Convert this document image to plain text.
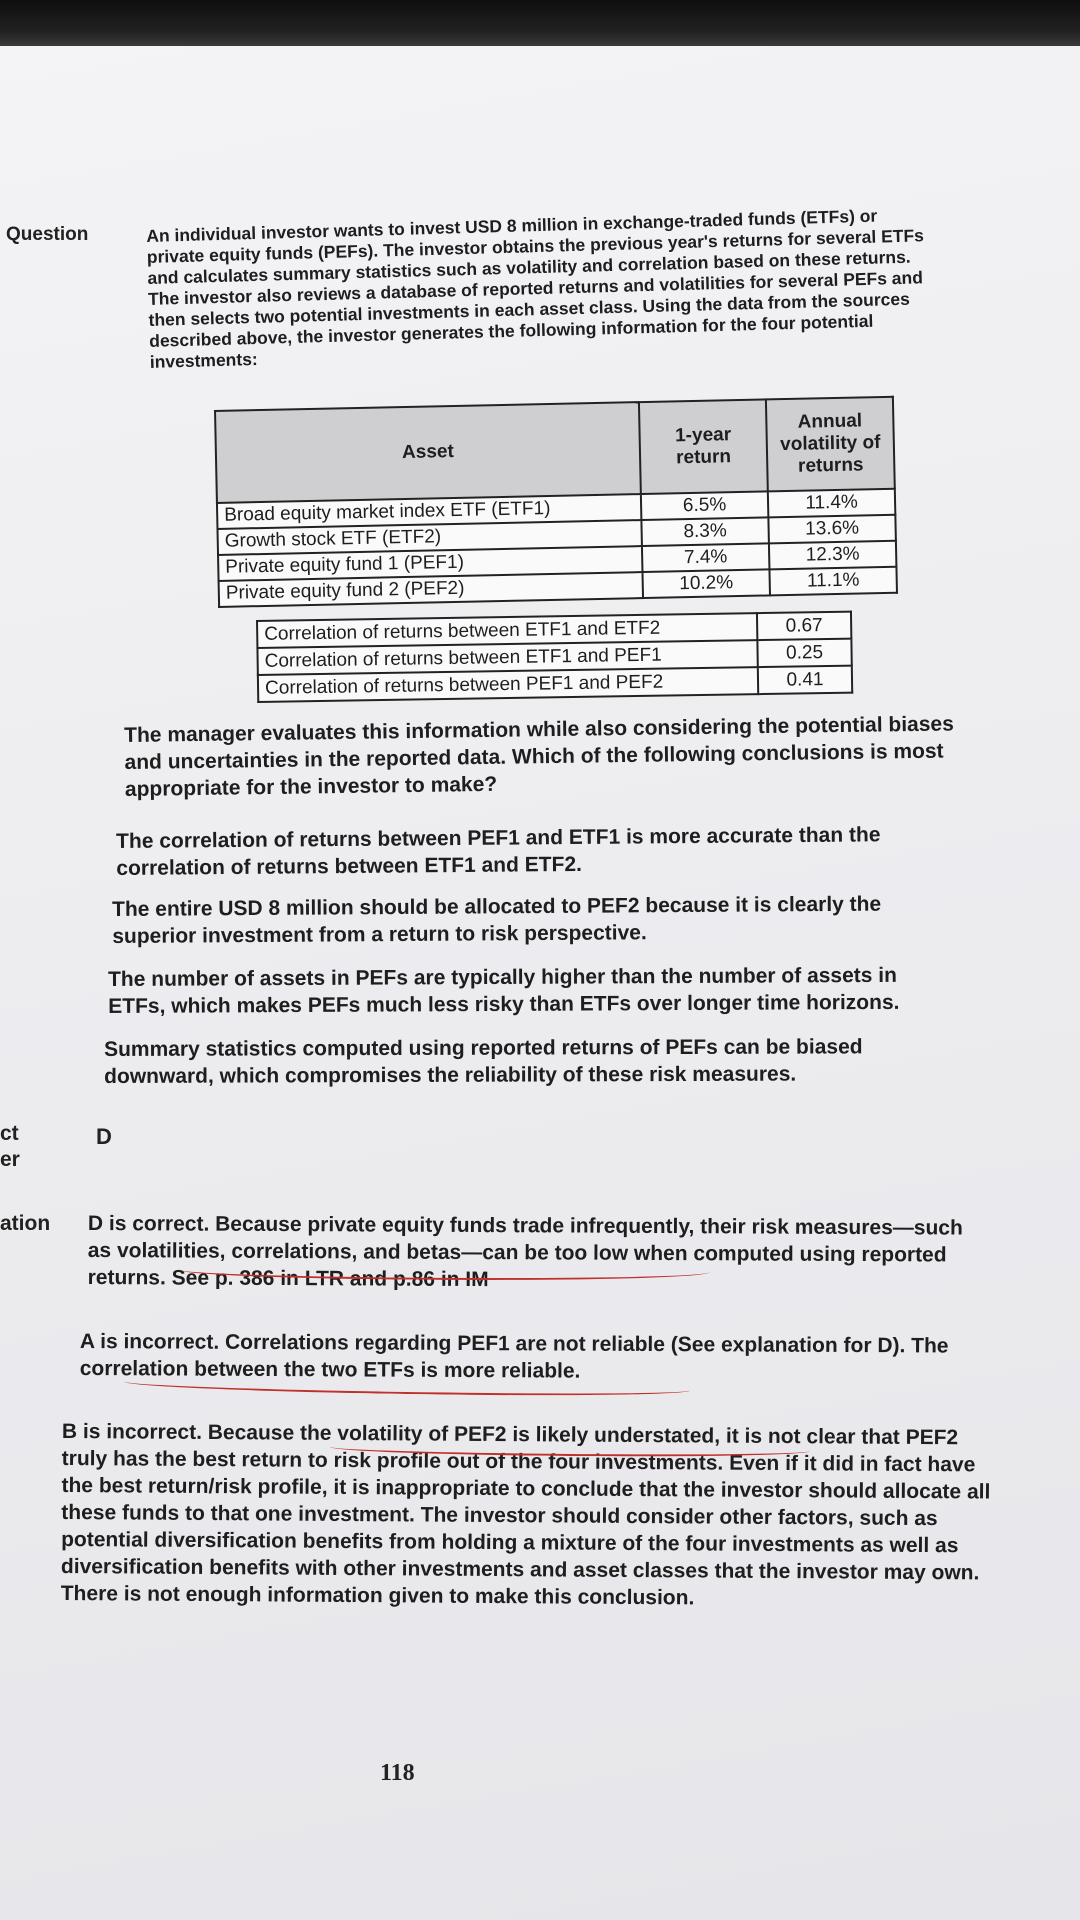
Question	An individual investor wants to invest USD 8 million in exchange-traded funds (ETFs) or private equity funds (PEFs). The investor obtains the previous year's returns for several ETFs and calculates summary statistics such as volatility and correlation based on these returns. The investor also reviews a database of reported returns and volatilities for several PEFs and then selects two potential investments in each asset class. Using the data from the sources described above, the investor generates the following information for the four potential investments:
Asset	1-year return	Annual volatility of returns
Broad equity market index ETF (ETF1)	6.5%	11.4%
Growth stock ETF (ETF2)	8.3%	13.6%
Private equity fund 1 (PEF1)	7.4%	12.3%
Private equity fund 2 (PEF2)	10.2%	11.1%
Correlation of returns between ETF1 and ETF2	0.67
Correlation of returns between ETF1 and PEF1	0.25
Correlation of returns between PEF1 and PEF2	0.41
The manager evaluates this information while also considering the potential biases and uncertainties in the reported data. Which of the following conclusions is most appropriate for the investor to make?
The correlation of returns between PEF1 and ETF1 is more accurate than the correlation of returns between ETF1 and ETF2.
The entire USD 8 million should be allocated to PEF2 because it is clearly the superior investment from a return to risk perspective.
The number of assets in PEFs are typically higher than the number of assets in ETFs, which makes PEFs much less risky than ETFs over longer time horizons.
Summary statistics computed using reported returns of PEFs can be biased downward, which compromises the reliability of these risk measures.
ct
er
D
ation D is correct. Because private equity funds trade infrequently, their risk measures—such as volatilities, correlations, and betas—can be too low when computed using reported returns. See p. 386 in LTR and p.86 in IM
A is incorrect. Correlations regarding PEF1 are not reliable (See explanation for D). The correlation between the two ETFs is more reliable.
B is incorrect. Because the volatility of PEF2 is likely understated, it is not clear that PEF2 truly has the best return to risk profile out of the four investments. Even if it did in fact have the best return/risk profile, it is inappropriate to conclude that the investor should allocate all these funds to that one investment. The investor should consider other factors, such as potential diversification benefits from holding a mixture of the four investments as well as diversification benefits with other investments and asset classes that the investor may own. There is not enough information given to make this conclusion.
118
